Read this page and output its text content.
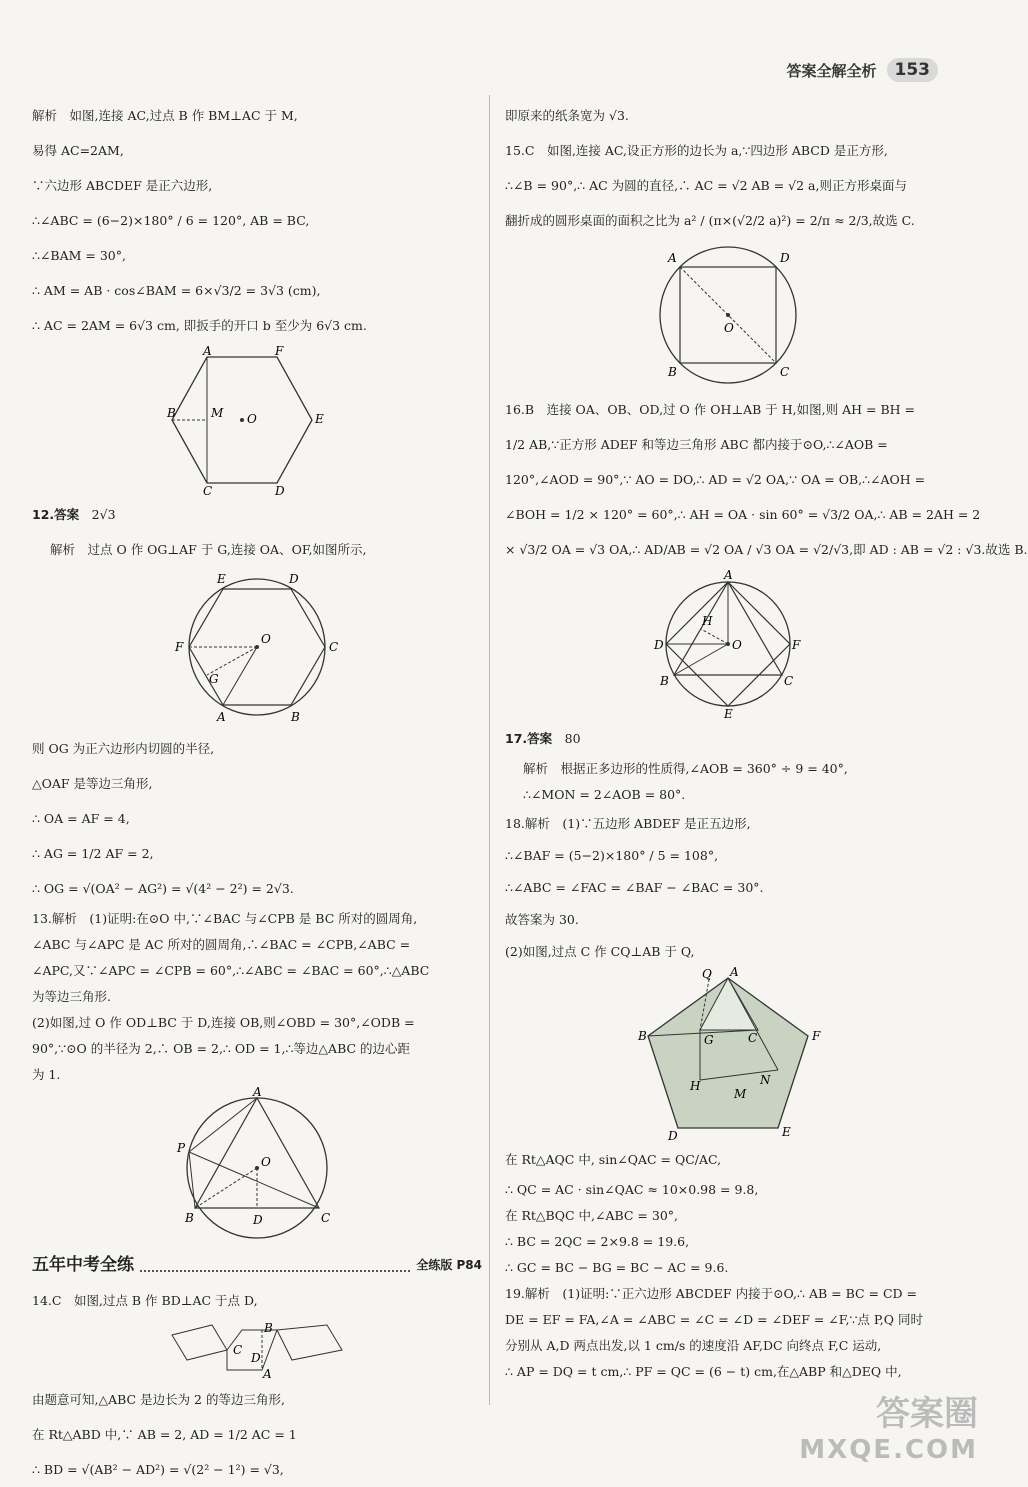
答案全解全析	153
解析　如图,连接 AC,过点 B 作 BM⊥AC 于 M,
易得 AC=2AM,
∵六边形 ABCDEF 是正六边形,
∴∠ABC = (6−2)×180° / 6 = 120°, AB = BC,
∴∠BAM = 30°,
∴ AM = AB · cos∠BAM = 6×√3/2 = 3√3 (cm),
∴ AC = 2AM = 6√3 cm, 即扳手的开口 b 至少为 6√3 cm.
A	F
B	M O	E
C	D
12.答案　 2√3
解析　过点 O 作 OG⊥AF 于 G,连接 OA、OF,如图所示,
E	D
F	C
O
G
A	B
则 OG 为正六边形内切圆的半径,
△OAF 是等边三角形,
∴ OA = AF = 4,
∴ AG = 1/2 AF = 2,
∴ OG = √(OA² − AG²) = √(4² − 2²) = 2√3.
13.解析　(1)证明:在⊙O 中,∵∠BAC 与∠CPB 是 BC 所对的圆周角,
∠ABC 与∠APC 是 AC 所对的圆周角,∴∠BAC = ∠CPB,∠ABC =
∠APC,又∵∠APC = ∠CPB = 60°,∴∠ABC = ∠BAC = 60°,∴△ABC
为等边三角形.
(2)如图,过 O 作 OD⊥BC 于 D,连接 OB,则∠OBD = 30°,∠ODB =
90°,∵⊙O 的半径为 2,∴ OB = 2,∴ OD = 1,∴等边△ABC 的边心距
为 1.
A
P
O
B	D	C
五年中考全练	全练版 P84
14.C　如图,过点 B 作 BD⊥AC 于点 D,
B
C
D
A
由题意可知,△ABC 是边长为 2 的等边三角形,
在 Rt△ABD 中,∵ AB = 2, AD = 1/2 AC = 1
∴ BD = √(AB² − AD²) = √(2² − 1²) = √3,
即原来的纸条宽为 √3.
15.C　如图,连接 AC,设正方形的边长为 a,∵四边形 ABCD 是正方形,
∴∠B = 90°,∴ AC 为圆的直径,∴ AC = √2 AB = √2 a,则正方形桌面与
翻折成的圆形桌面的面积之比为 a² / (π×(√2/2 a)²) = 2/π ≈ 2/3,故选 C.
A	D
O
B	C
16.B　连接 OA、OB、OD,过 O 作 OH⊥AB 于 H,如图,则 AH = BH =
1/2 AB,∵正方形 ADEF 和等边三角形 ABC 都内接于⊙O,∴∠AOB =
120°,∠AOD = 90°,∵ AO = DO,∴ AD = √2 OA,∵ OA = OB,∴∠AOH =
∠BOH = 1/2 × 120° = 60°,∴ AH = OA · sin 60° = √3/2 OA,∴ AB = 2AH = 2
× √3/2 OA = √3 OA,∴ AD/AB = √2 OA / √3 OA = √2/√3,即 AD : AB = √2 : √3.故选 B.
A
H
D	O	F
B	C
E
17.答案　 80
解析　根据正多边形的性质得,∠AOB = 360° ÷ 9 = 40°,
∴∠MON = 2∠AOB = 80°.
18.解析　(1)∵五边形 ABDEF 是正五边形,
∴∠BAF = (5−2)×180° / 5 = 108°,
∴∠ABC = ∠FAC = ∠BAF − ∠BAC = 30°.
故答案为 30.
(2)如图,过点 C 作 CQ⊥AB 于 Q,
Q A
B	F
G	C
H
M
N
D	E
在 Rt△AQC 中, sin∠QAC = QC/AC,
∴ QC = AC · sin∠QAC ≈ 10×0.98 = 9.8,
在 Rt△BQC 中,∠ABC = 30°,
∴ BC = 2QC = 2×9.8 = 19.6,
∴ GC = BC − BG = BC − AC = 9.6.
19.解析　(1)证明:∵正六边形 ABCDEF 内接于⊙O,∴ AB = BC = CD =
DE = EF = FA,∠A = ∠ABC = ∠C = ∠D = ∠DEF = ∠F,∵点 P,Q 同时
分别从 A,D 两点出发,以 1 cm/s 的速度沿 AF,DC 向终点 F,C 运动,
∴ AP = DQ = t cm,∴ PF = QC = (6 − t) cm,在△ABP 和△DEQ 中,
答案圈
MXQE.COM
